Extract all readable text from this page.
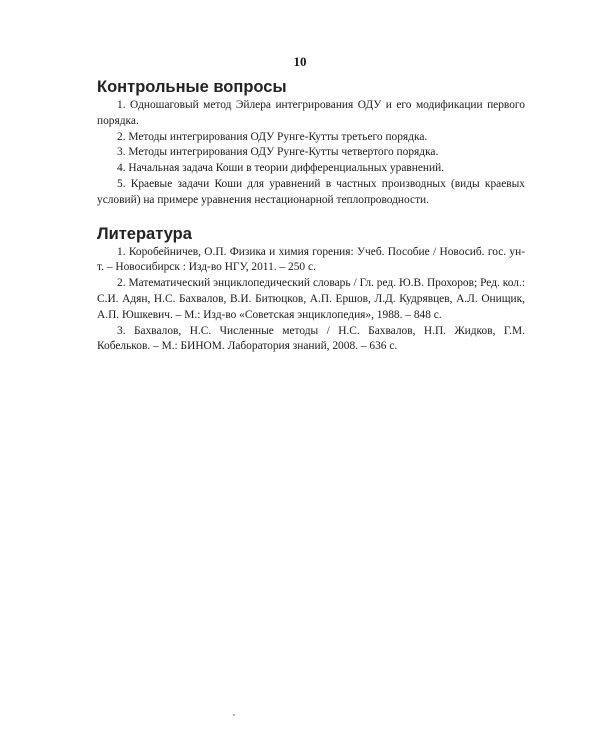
10
Контрольные вопросы

1. Одношаговый метод Эйлера интегрирования ОДУ и его модификации первого порядка.

2. Методы интегрирования ОДУ Рунге-Кутты третьего порядка.

3. Методы интегрирования ОДУ Рунге-Кутты четвертого порядка.

4. Начальная задача Коши в теории дифференциальных уравнений.

5. Краевые задачи Коши для уравнений в частных производных (виды краевых условий) на примере уравнения нестационарной теплопроводности.

Литература

1. Коробейничев, О.П. Физика и химия горения: Учеб. Пособие / Новосиб. гос. ун-т. – Новосибирск : Изд-во НГУ, 2011. – 250 с.

2. Математический энциклопедический словарь / Гл. ред. Ю.В. Прохоров; Ред. кол.: С.И. Адян, Н.С. Бахвалов, В.И. Битюцков, А.П. Ершов, Л.Д. Кудрявцев, А.Л. Онищик, А.П. Юшкевич. – М.: Изд-во «Советская энциклопедия», 1988. – 848 с.

3. Бахвалов, Н.С. Численные методы / Н.С. Бахвалов, Н.П. Жидков, Г.М. Кобельков. – М.: БИНОМ. Лаборатория знаний, 2008. – 636 с.
